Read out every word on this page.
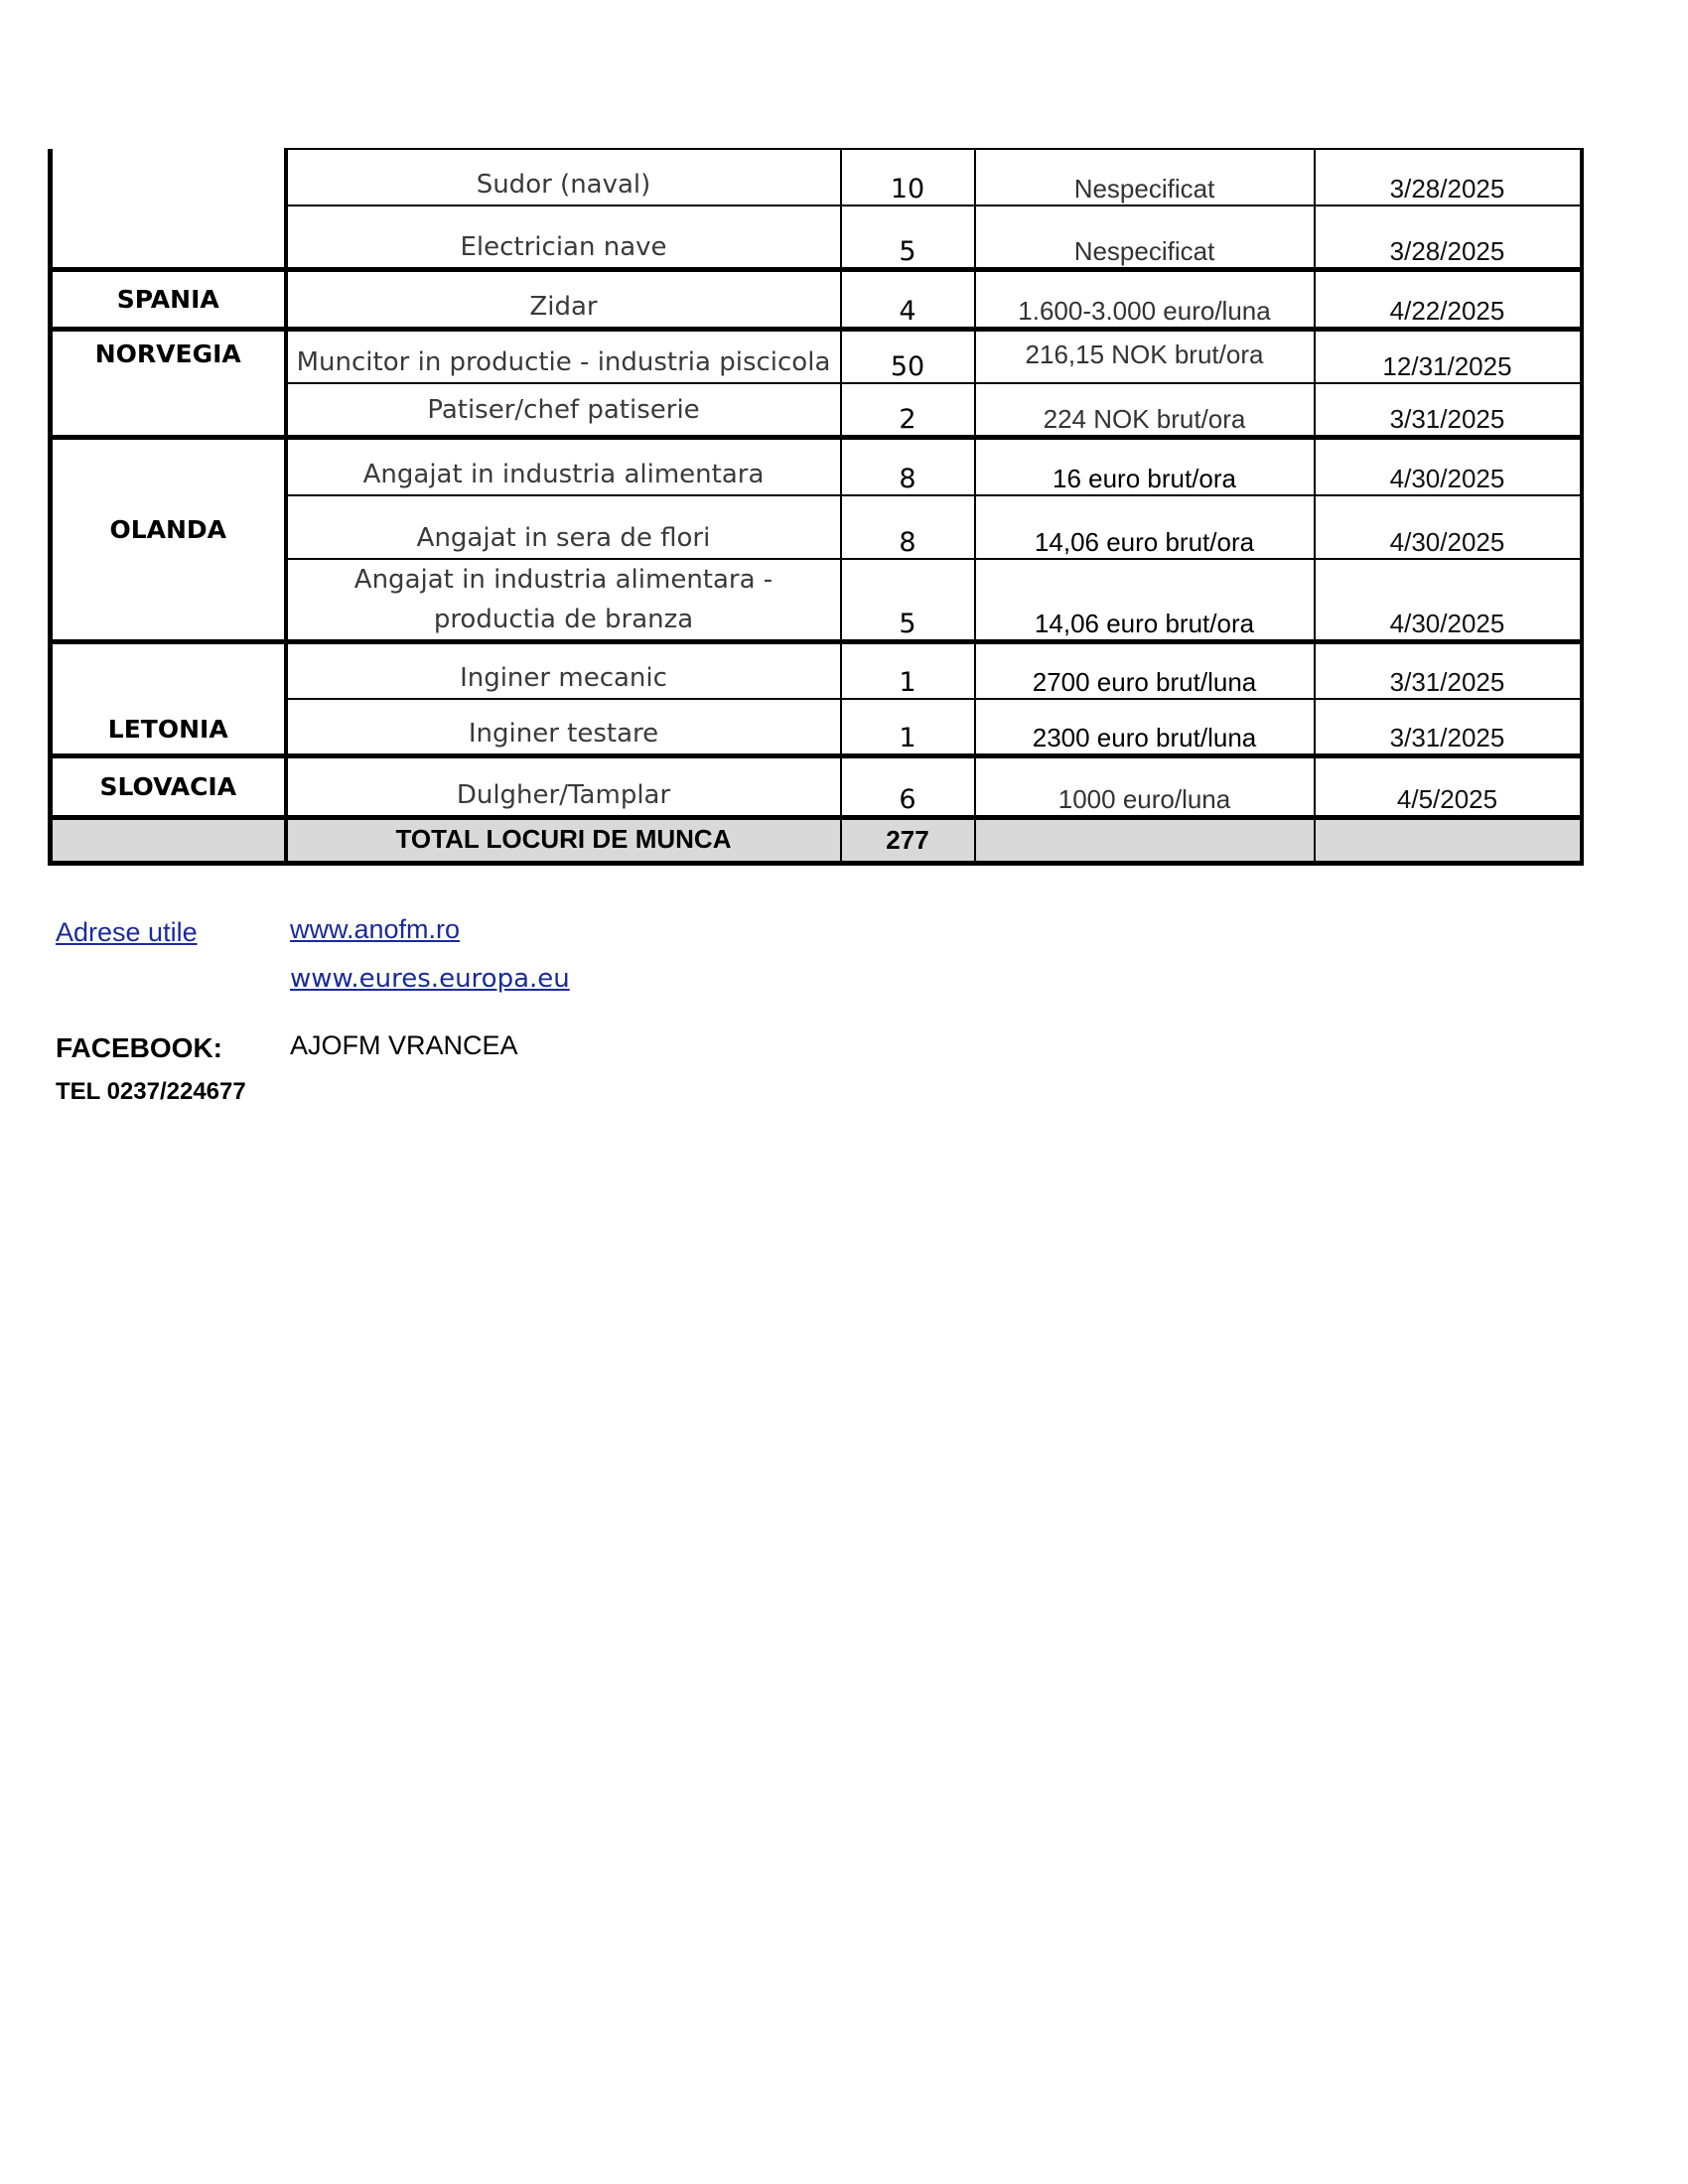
	Sudor (naval)	10	Nespecificat	3/28/2025
	Electrician nave	5	Nespecificat	3/28/2025
SPANIA	Zidar	4	1.600-3.000 euro/luna	4/22/2025
NORVEGIA	Muncitor in productie - industria piscicola	50	216,15 NOK brut/ora	12/31/2025
	Patiser/chef patiserie	2	224 NOK brut/ora	3/31/2025
OLANDA	Angajat in industria alimentara	8	16 euro brut/ora	4/30/2025
	Angajat in sera de flori	8	14,06 euro brut/ora	4/30/2025
	Angajat in industria alimentara - productia de branza	5	14,06 euro brut/ora	4/30/2025
LETONIA	Inginer mecanic	1	2700 euro brut/luna	3/31/2025
	Inginer testare	1	2300 euro brut/luna	3/31/2025
SLOVACIA	Dulgher/Tamplar	6	1000 euro/luna	4/5/2025
	TOTAL LOCURI DE MUNCA	277		
Adrese utile	www.anofm.ro
www.eures.europa.eu
FACEBOOK:	AJOFM VRANCEA
TEL 0237/224677
